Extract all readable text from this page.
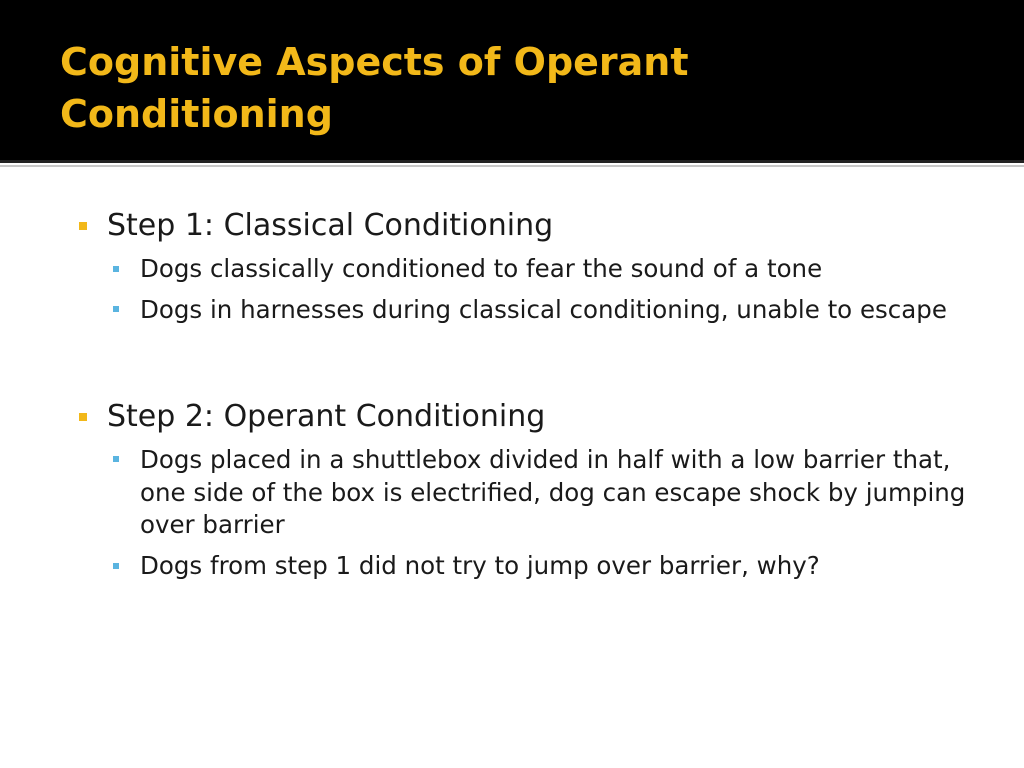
Cognitive Aspects of Operant Conditioning
Step 1: Classical Conditioning
Dogs classically conditioned to fear the sound of a tone
Dogs in harnesses during classical conditioning, unable to escape
Step 2: Operant Conditioning
Dogs placed in a shuttlebox divided in half with a low barrier that, one side of the box is electrified, dog can escape shock by jumping over barrier
Dogs from step 1 did not try to jump over barrier, why?
